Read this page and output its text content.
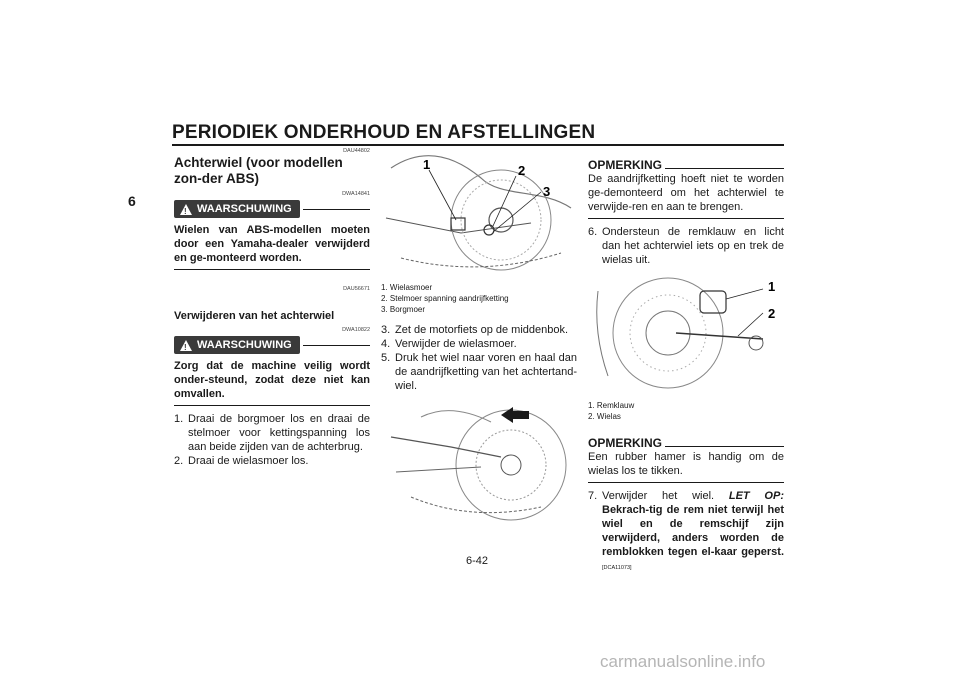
PERIODIEK ONDERHOUD EN AFSTELLINGEN
6
DAU44802
Achterwiel (voor modellen zon-der ABS)
DWA14841
!
WAARSCHUWING
Wielen van ABS-modellen moeten door een Yamaha-dealer verwijderd en ge-monteerd worden.
DAU56671
Verwijderen van het achterwiel
DWA10822
!
WAARSCHUWING
Zorg dat de machine veilig wordt onder-steund, zodat deze niet kan omvallen.
1. Draai de borgmoer los en draai de stelmoer voor kettingspanning los aan beide zijden van de achterbrug.
2. Draai de wielasmoer los.
1	2
3
1. Wielasmoer
2. Stelmoer spanning aandrijfketting
3. Borgmoer
3. Zet de motorfiets op de middenbok.
4. Verwijder de wielasmoer.
5. Druk het wiel naar voren en haal dan de aandrijfketting van het achtertand-wiel.
OPMERKING
De aandrijfketting hoeft niet te worden ge-demonteerd om het achterwiel te verwijde-ren en aan te brengen.
6. Ondersteun de remklauw en licht dan het achterwiel iets op en trek de wielas uit.
1
2
1. Remklauw
2. Wielas
OPMERKING
Een rubber hamer is handig om de wielas los te tikken.
7. Verwijder het wiel. LET OP: Bekrach-tig de rem niet terwijl het wiel en de remschijf zijn verwijderd, anders worden de remblokken tegen el-kaar geperst. [DCA11073]
6-42
carmanualsonline.info
